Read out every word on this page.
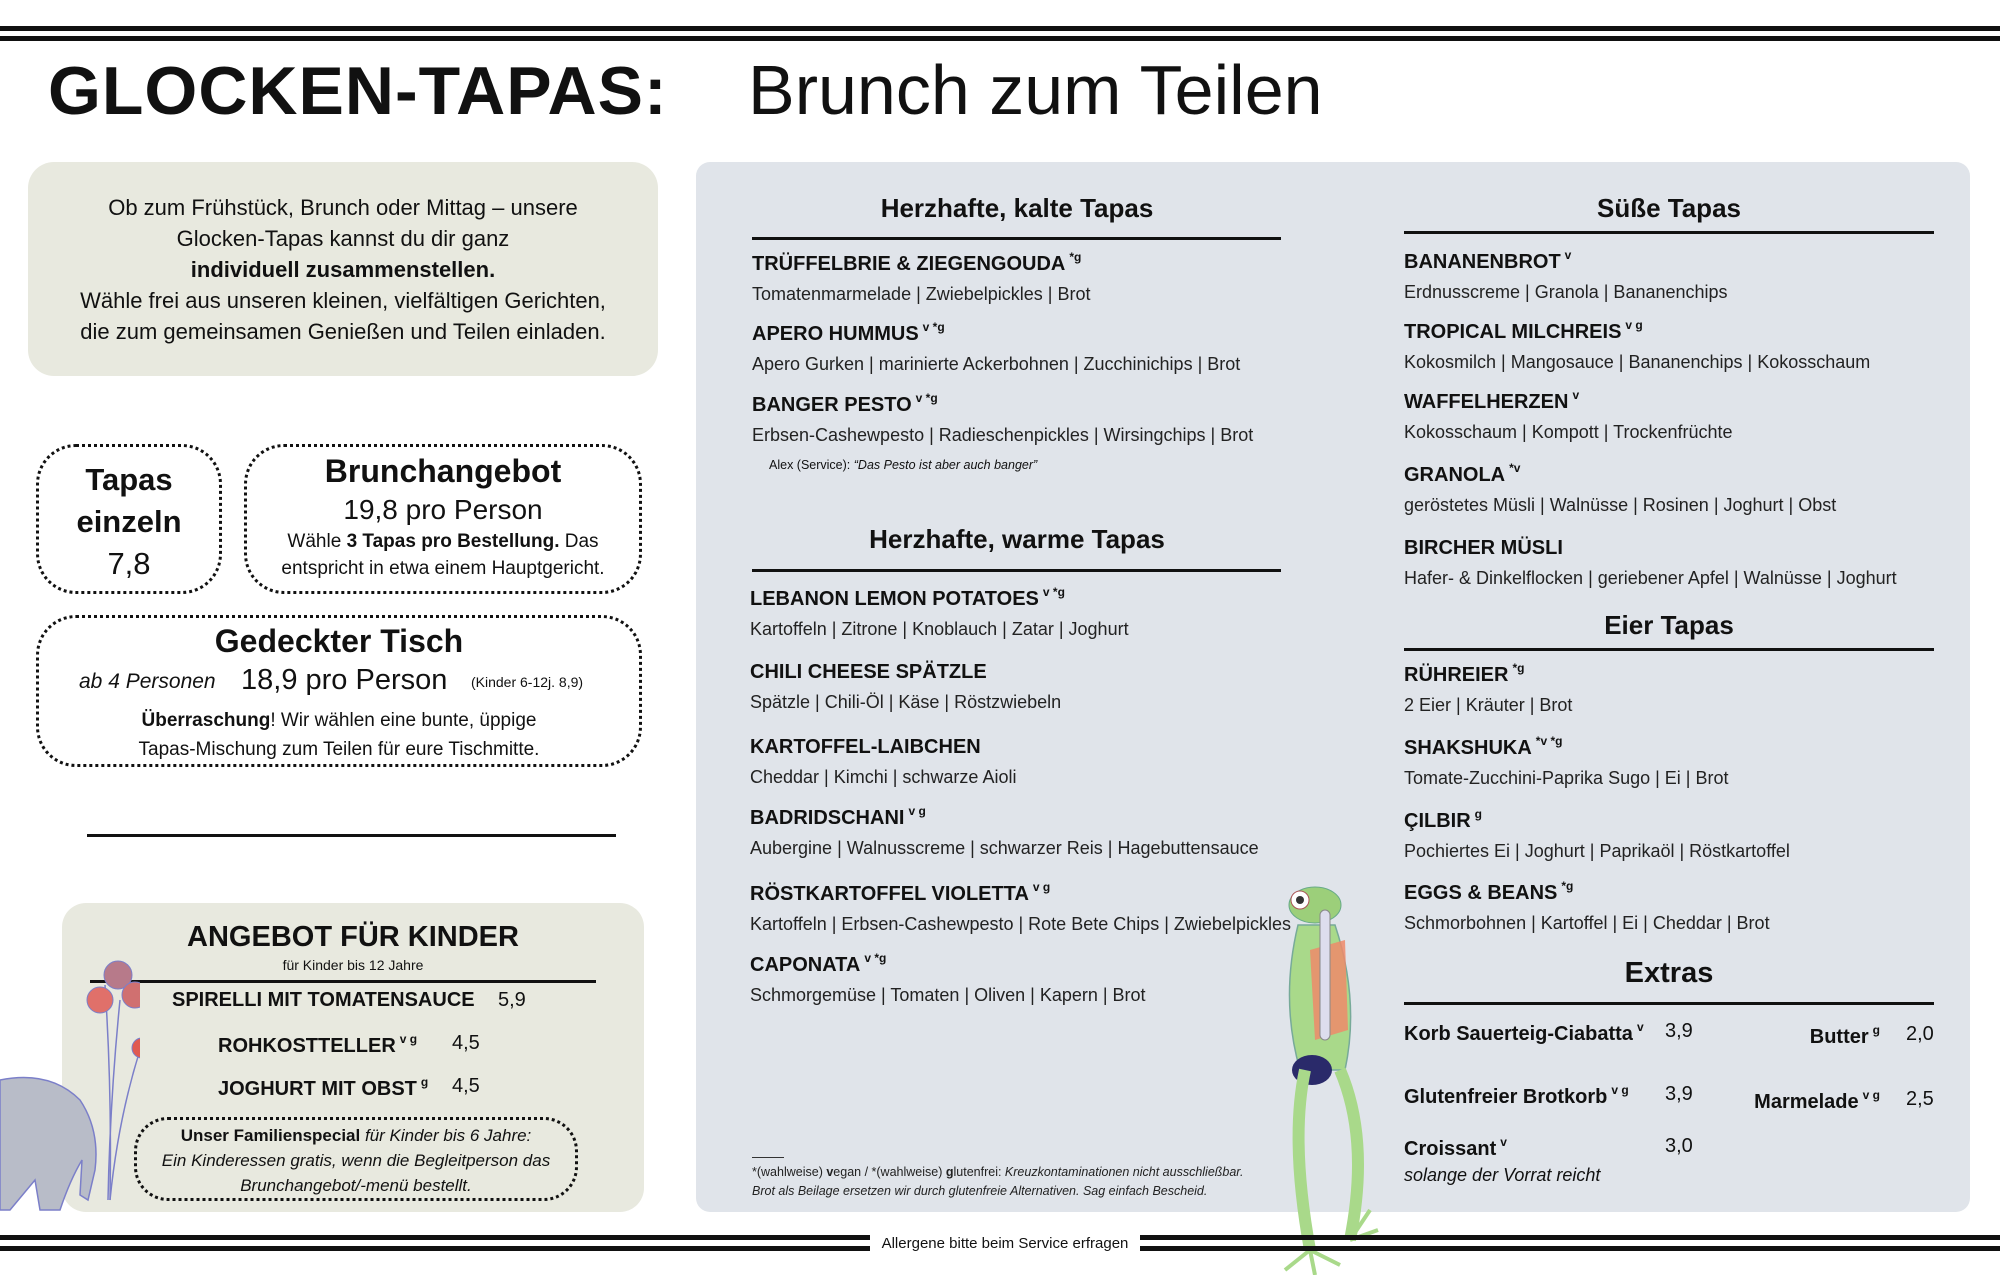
GLOCKEN-TAPAS: Brunch zum Teilen
Ob zum Frühstück, Brunch oder Mittag – unsere
Glocken-Tapas kannst du dir ganz
individuell zusammenstellen.
Wähle frei aus unseren kleinen, vielfältigen Gerichten,
die zum gemeinsamen Genießen und Teilen einladen.
Tapas
einzeln
7,8
Brunchangebot
19,8 pro Person
Wähle 3 Tapas pro Bestellung. Das
entspricht in etwa einem Hauptgericht.
Gedeckter Tisch
ab 4 Personen 18,9 pro Person (Kinder 6-12j. 8,9)
Überraschung! Wir wählen eine bunte, üppige
Tapas-Mischung zum Teilen für eure Tischmitte.
ANGEBOT FÜR KINDER
für Kinder bis 12 Jahre
SPIRELLI MIT TOMATENSAUCE 5,9
ROHKOSTTELLER $^{v g}$ 4,5
JOGHURT MIT OBST $^g$ 4,5
Unser Familienspecial für Kinder bis 6 Jahre:
Ein Kinderessen gratis, wenn die Begleitperson das
Brunchangebot/-menü bestellt.
Herzhafte, kalte Tapas
TRÜFFELBRIE & ZIEGENGOUDA $^{*g}$
Tomatenmarmelade | Zwiebelpickles | Brot
APERO HUMMUS $^{v *g}$
Apero Gurken | marinierte Ackerbohnen | Zucchinichips | Brot
BANGER PESTO $^{v *g}$
Erbsen-Cashewpesto | Radieschenpickles | Wirsingchips | Brot
Alex (Service): “Das Pesto ist aber auch banger”
Herzhafte, warme Tapas
LEBANON LEMON POTATOES $^{v *g}$
Kartoffeln | Zitrone | Knoblauch | Zatar | Joghurt
CHILI CHEESE SPÄTZLE
Spätzle | Chili-Öl | Käse | Röstzwiebeln
KARTOFFEL-LAIBCHEN
Cheddar | Kimchi | schwarze Aioli
BADRIDSCHANI $^{v g}$
Aubergine | Walnusscreme | schwarzer Reis | Hagebuttensauce
RÖSTKARTOFFEL VIOLETTA $^{v g}$
Kartoffeln | Erbsen-Cashewpesto | Rote Bete Chips | Zwiebelpickles
CAPONATA $^{v *g}$
Schmorgemüse | Tomaten | Oliven | Kapern | Brot
Süße Tapas
BANANENBROT $^v$
Erdnusscreme | Granola | Bananenchips
TROPICAL MILCHREIS $^{v g}$
Kokosmilch | Mangosauce | Bananenchips | Kokosschaum
WAFFELHERZEN $^v$
Kokosschaum | Kompott | Trockenfrüchte
GRANOLA $^{*v}$
geröstetes Müsli | Walnüsse | Rosinen | Joghurt | Obst
BIRCHER MÜSLI
Hafer- & Dinkelflocken | geriebener Apfel | Walnüsse | Joghurt
Eier Tapas
RÜHREIER $^{*g}$
2 Eier | Kräuter | Brot
SHAKSHUKA $^{*v *g}$
Tomate-Zucchini-Paprika Sugo | Ei | Brot
ÇILBIR $^g$
Pochiertes Ei | Joghurt | Paprikaöl | Röstkartoffel
EGGS & BEANS $^{*g}$
Schmorbohnen | Kartoffel | Ei | Cheddar | Brot
Extras
Korb Sauerteig-Ciabatta $^v$ 3,9
Glutenfreier Brotkorb $^{v g}$ 3,9
Croissant $^v$	3,0
Butter $^g$ 2,0
Marmelade $^{v g}$ 2,5
solange der Vorrat reicht
*(wahlweise) vegan / *(wahlweise) glutenfrei: Kreuzkontaminationen nicht ausschließbar.
Brot als Beilage ersetzen wir durch glutenfreie Alternativen. Sag einfach Bescheid.
Allergene bitte beim Service erfragen
